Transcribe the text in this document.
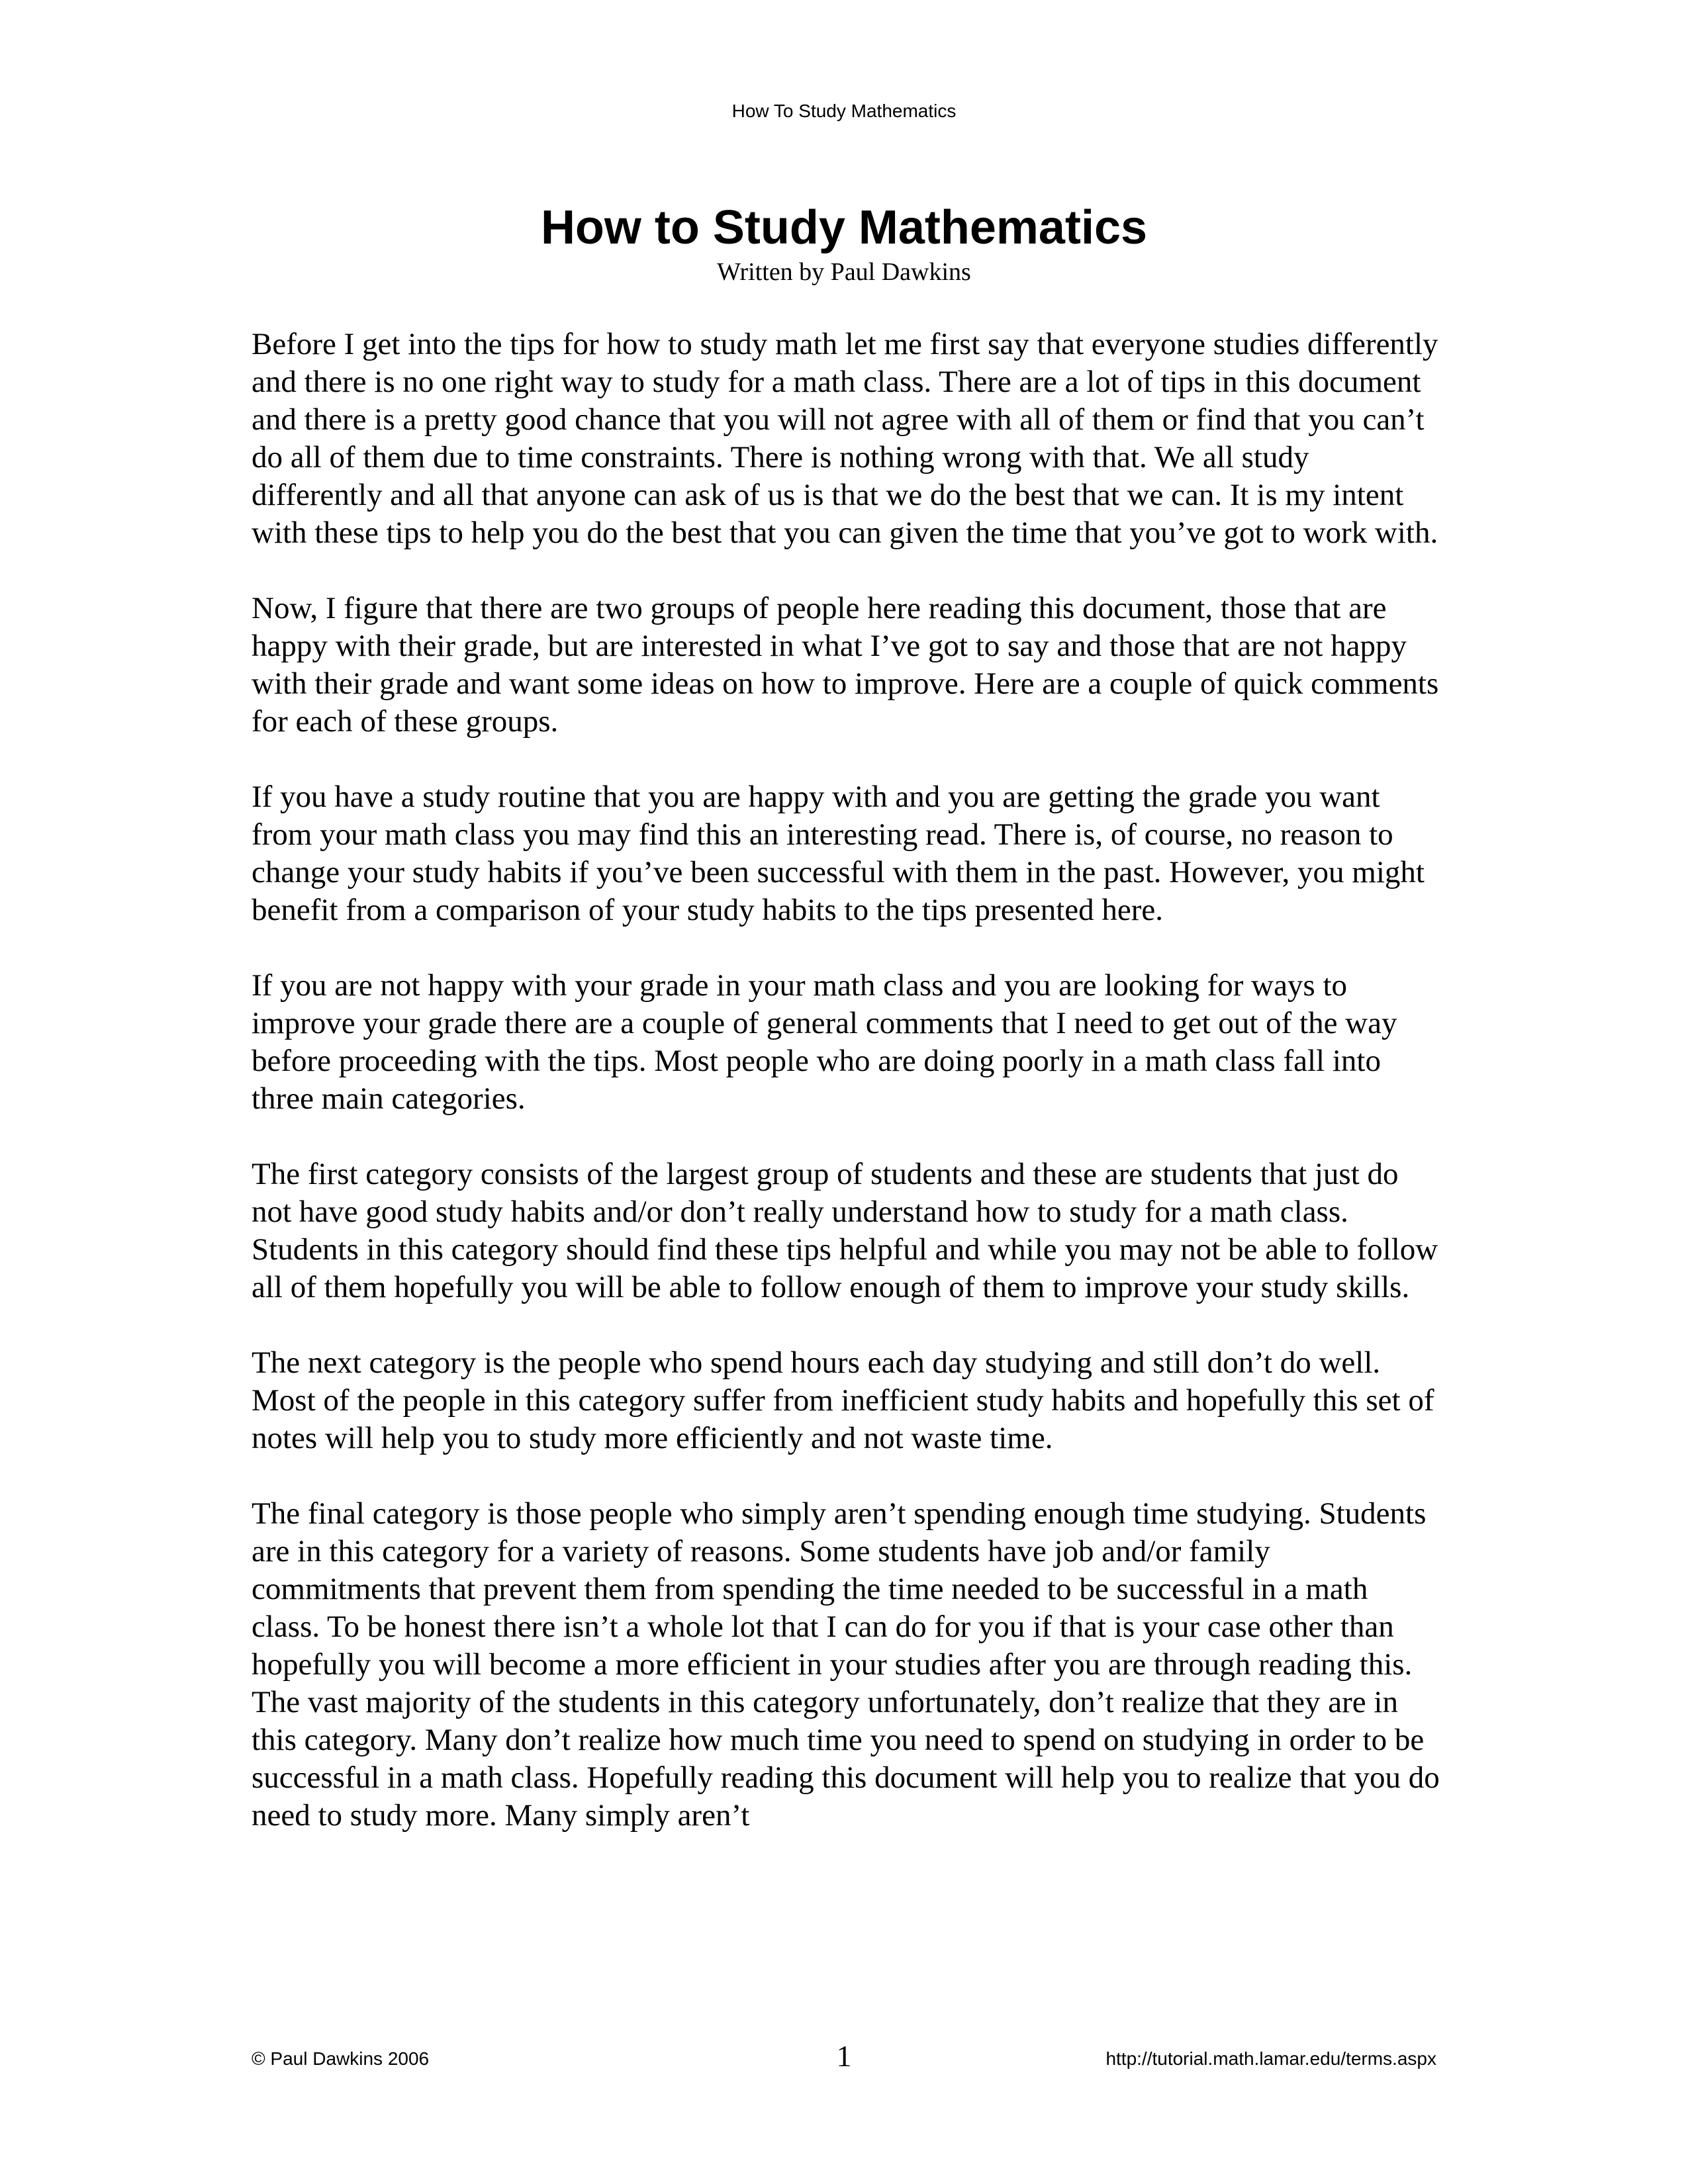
How To Study Mathematics
How to Study Mathematics

Written by Paul Dawkins

Before I get into the tips for how to study math let me first say that everyone studies differently and there is no one right way to study for a math class. There are a lot of tips in this document and there is a pretty good chance that you will not agree with all of them or find that you can’t do all of them due to time constraints. There is nothing wrong with that. We all study differently and all that anyone can ask of us is that we do the best that we can. It is my intent with these tips to help you do the best that you can given the time that you’ve got to work with.

Now, I figure that there are two groups of people here reading this document, those that are happy with their grade, but are interested in what I’ve got to say and those that are not happy with their grade and want some ideas on how to improve. Here are a couple of quick comments for each of these groups.

If you have a study routine that you are happy with and you are getting the grade you want from your math class you may find this an interesting read. There is, of course, no reason to change your study habits if you’ve been successful with them in the past. However, you might benefit from a comparison of your study habits to the tips presented here.

If you are not happy with your grade in your math class and you are looking for ways to improve your grade there are a couple of general comments that I need to get out of the way before proceeding with the tips. Most people who are doing poorly in a math class fall into three main categories.

The first category consists of the largest group of students and these are students that just do not have good study habits and/or don’t really understand how to study for a math class. Students in this category should find these tips helpful and while you may not be able to follow all of them hopefully you will be able to follow enough of them to improve your study skills.

The next category is the people who spend hours each day studying and still don’t do well. Most of the people in this category suffer from inefficient study habits and hopefully this set of notes will help you to study more efficiently and not waste time.

The final category is those people who simply aren’t spending enough time studying. Students are in this category for a variety of reasons. Some students have job and/or family commitments that prevent them from spending the time needed to be successful in a math class. To be honest there isn’t a whole lot that I can do for you if that is your case other than hopefully you will become a more efficient in your studies after you are through reading this. The vast majority of the students in this category unfortunately, don’t realize that they are in this category. Many don’t realize how much time you need to spend on studying in order to be successful in a math class. Hopefully reading this document will help you to realize that you do need to study more. Many simply aren’t

© Paul Dawkins 2006	1	http://tutorial.math.lamar.edu/terms.aspx
